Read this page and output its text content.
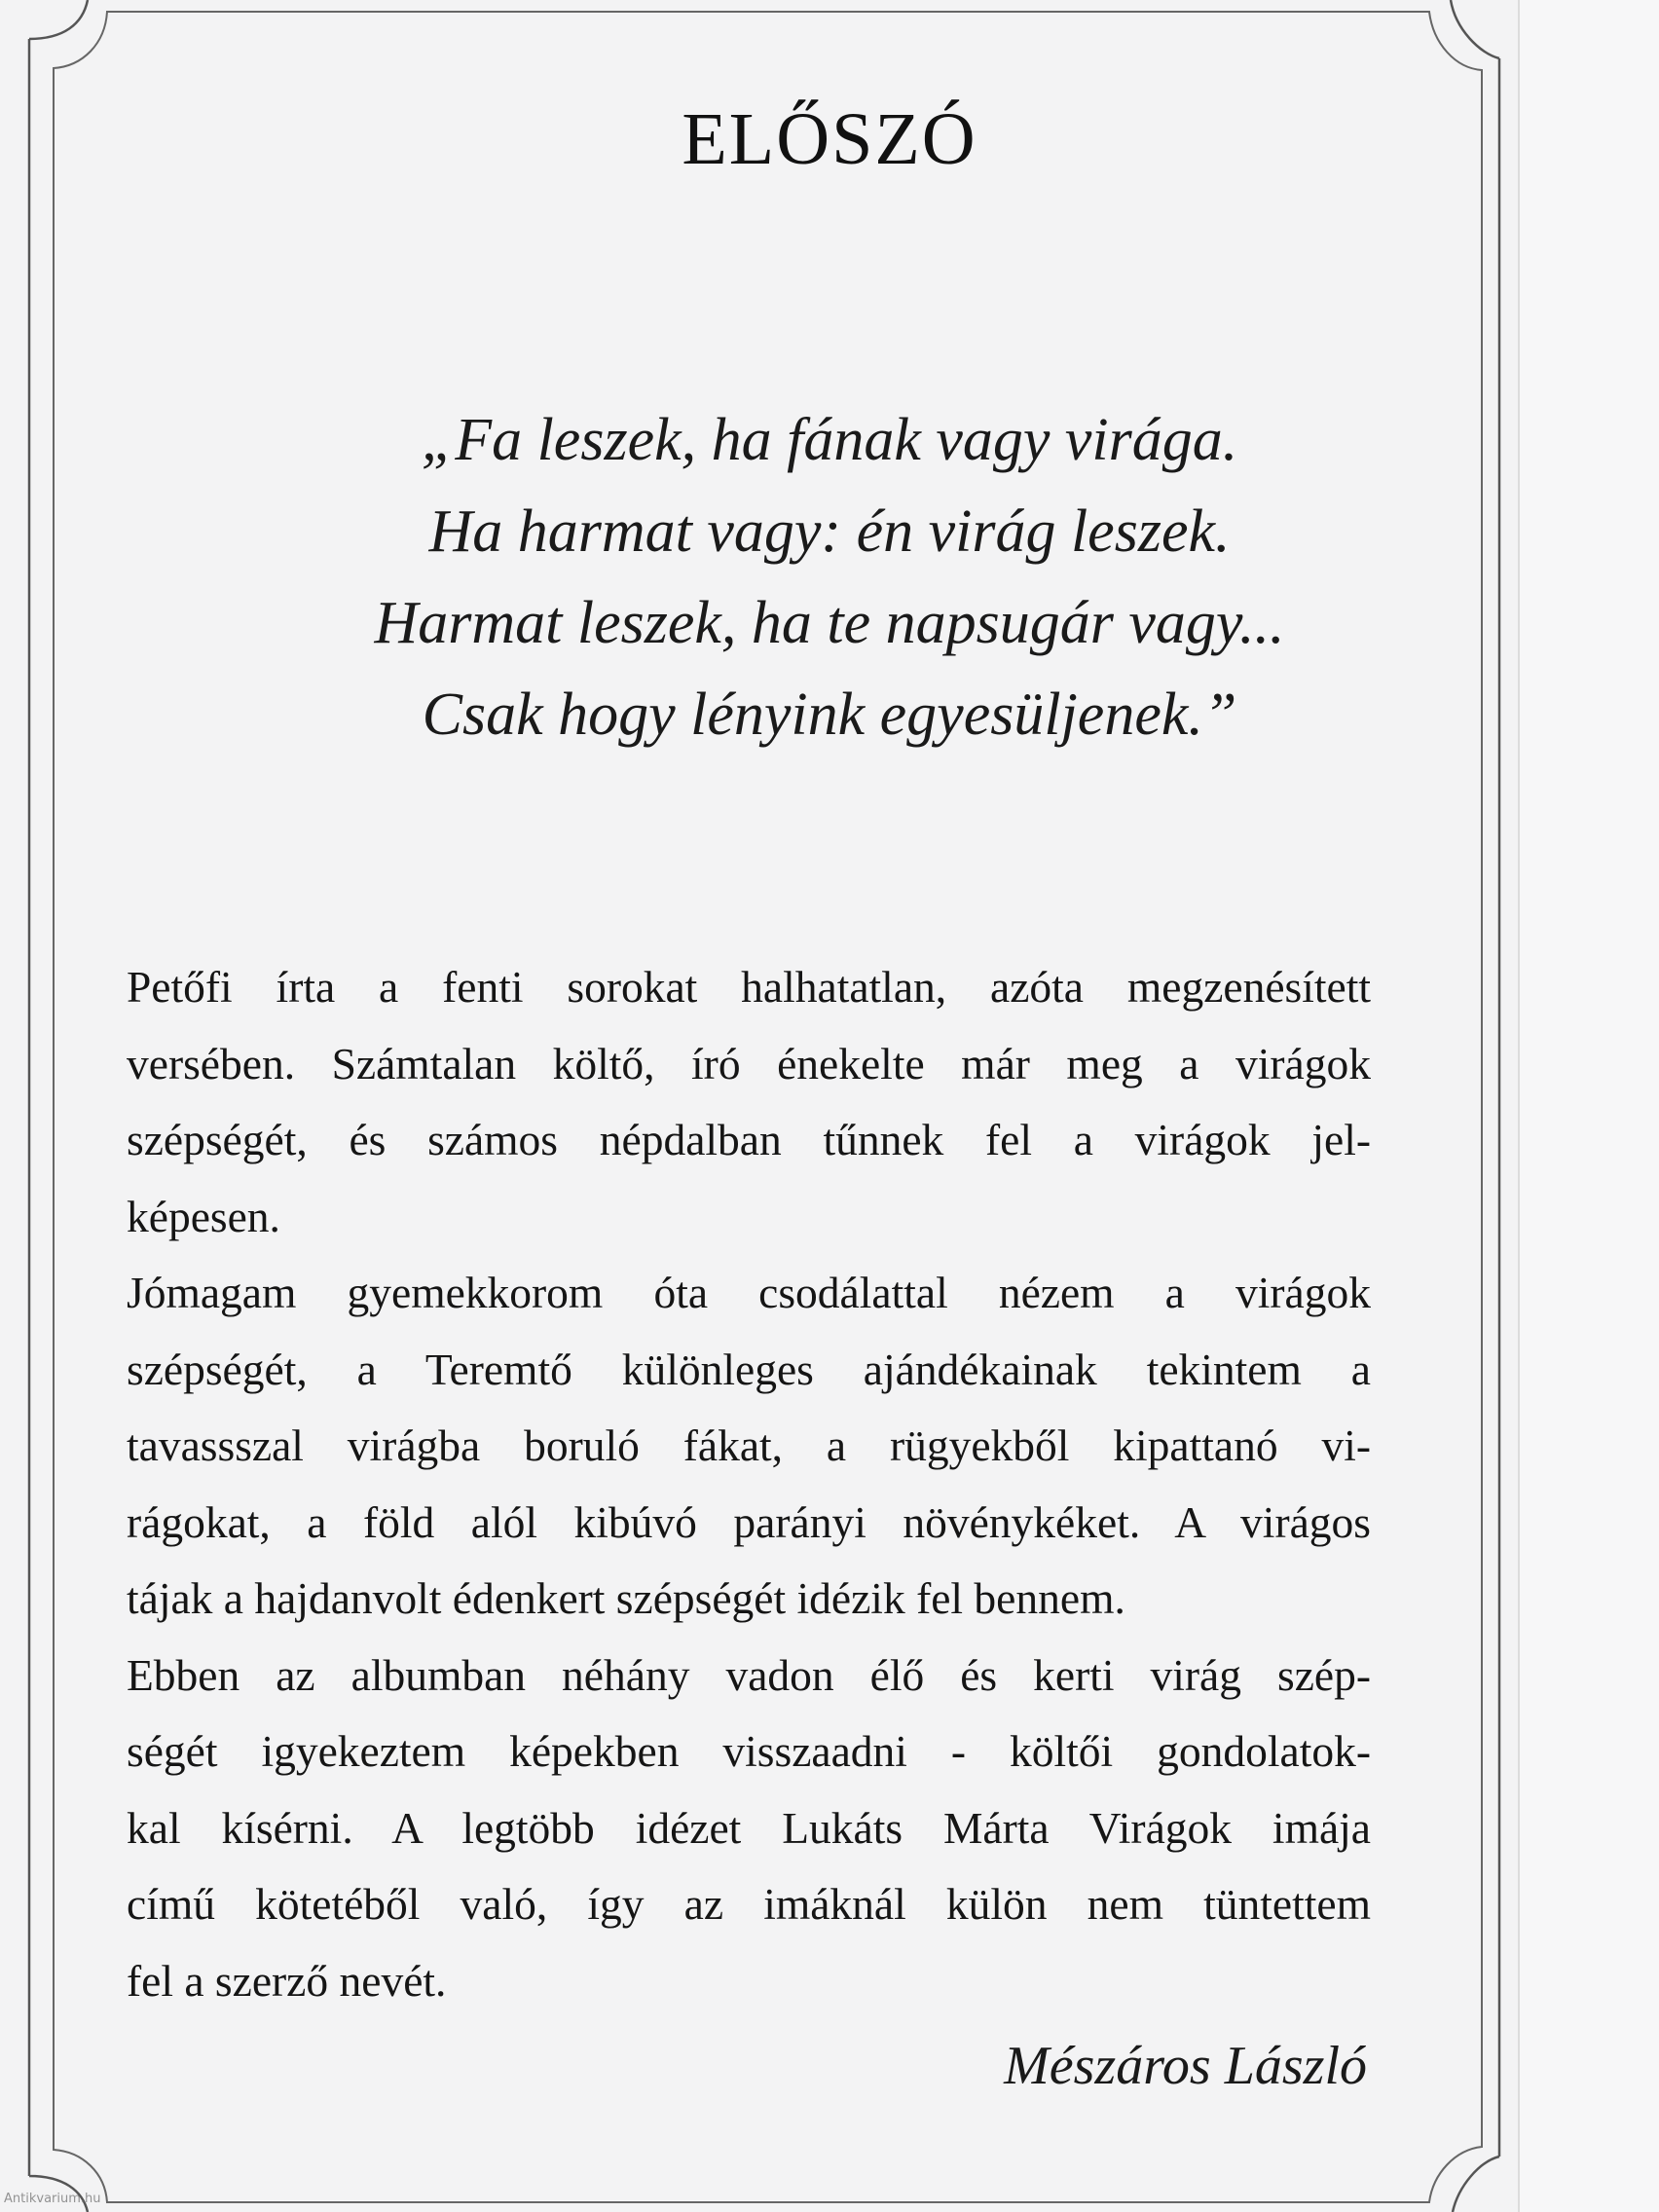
ELŐSZÓ
„Fa leszek, ha fának vagy virága.
Ha harmat vagy: én virág leszek.
Harmat leszek, ha te napsugár vagy...
Csak hogy lényink egyesüljenek.”

Petőfi írta a fenti sorokat halhatatlan, azóta megzenésített
versében. Számtalan költő, író énekelte már meg a virágok
szépségét, és számos népdalban tűnnek fel a virágok jel-
képesen.

Jómagam gyemekkorom óta csodálattal nézem a virágok
szépségét, a Teremtő különleges ajándékainak tekintem a
tavassszal virágba boruló fákat, a rügyekből kipattanó vi-
rágokat, a föld alól kibúvó parányi növénykéket. A virágos
tájak a hajdanvolt édenkert szépségét idézik fel bennem.

Ebben az albumban néhány vadon élő és kerti virág szép-
ségét igyekeztem képekben visszaadni - költői gondolatok-
kal kísérni. A legtöbb idézet Lukáts Márta Virágok imája
című kötetéből való, így az imáknál külön nem tüntettem
fel a szerző nevét.

Mészáros László
Antikvarium.hu
